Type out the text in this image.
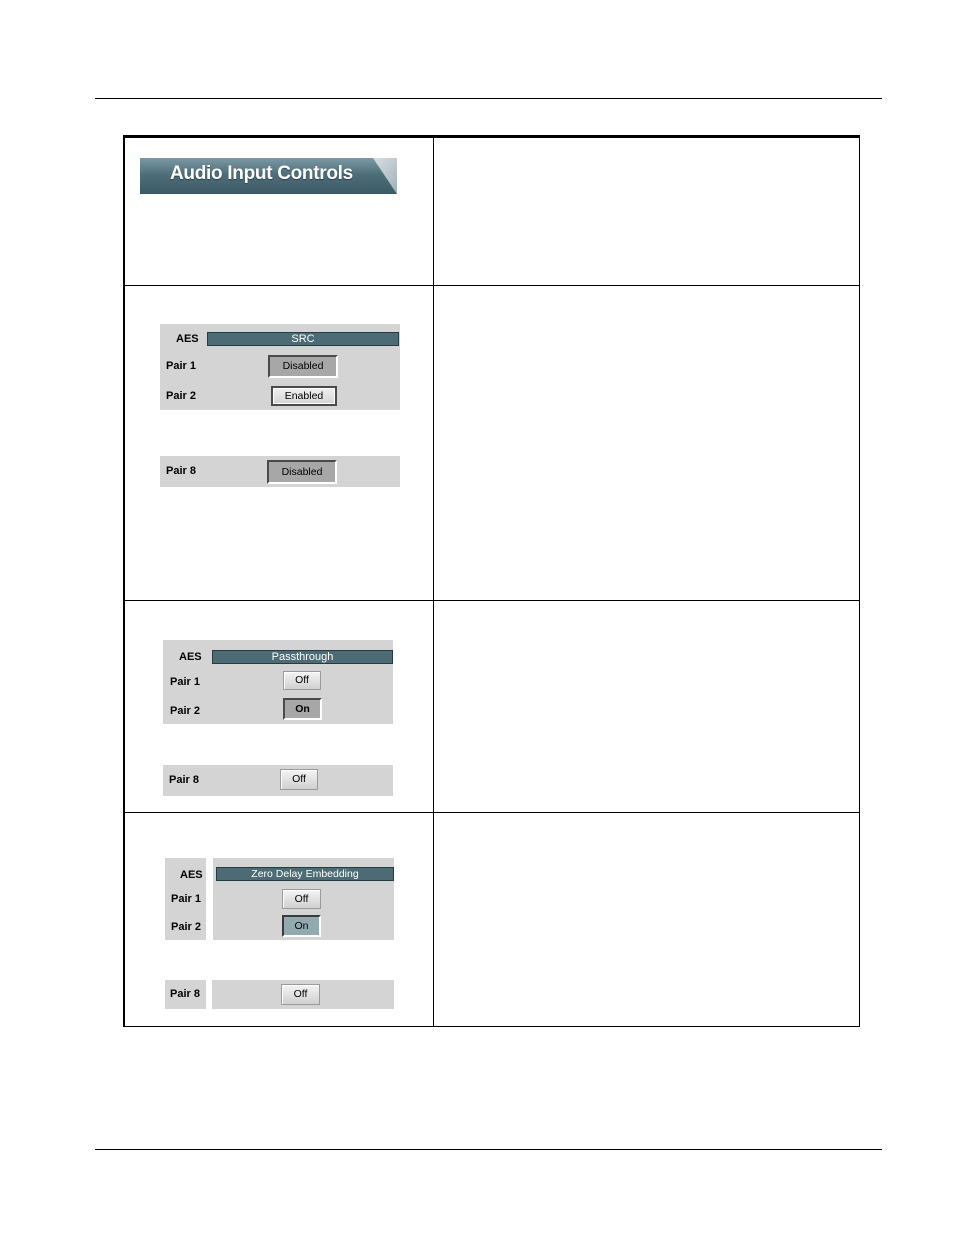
Audio Input Controls
AES	SRC
Pair 1	Disabled
Pair 2	Enabled
Pair 8	Disabled
AES	Passthrough
Pair 1	Off
Pair 2	On
Pair 8	Off
AES	Zero Delay Embedding
Pair 1	Off
Pair 2	On
Pair 8	Off
